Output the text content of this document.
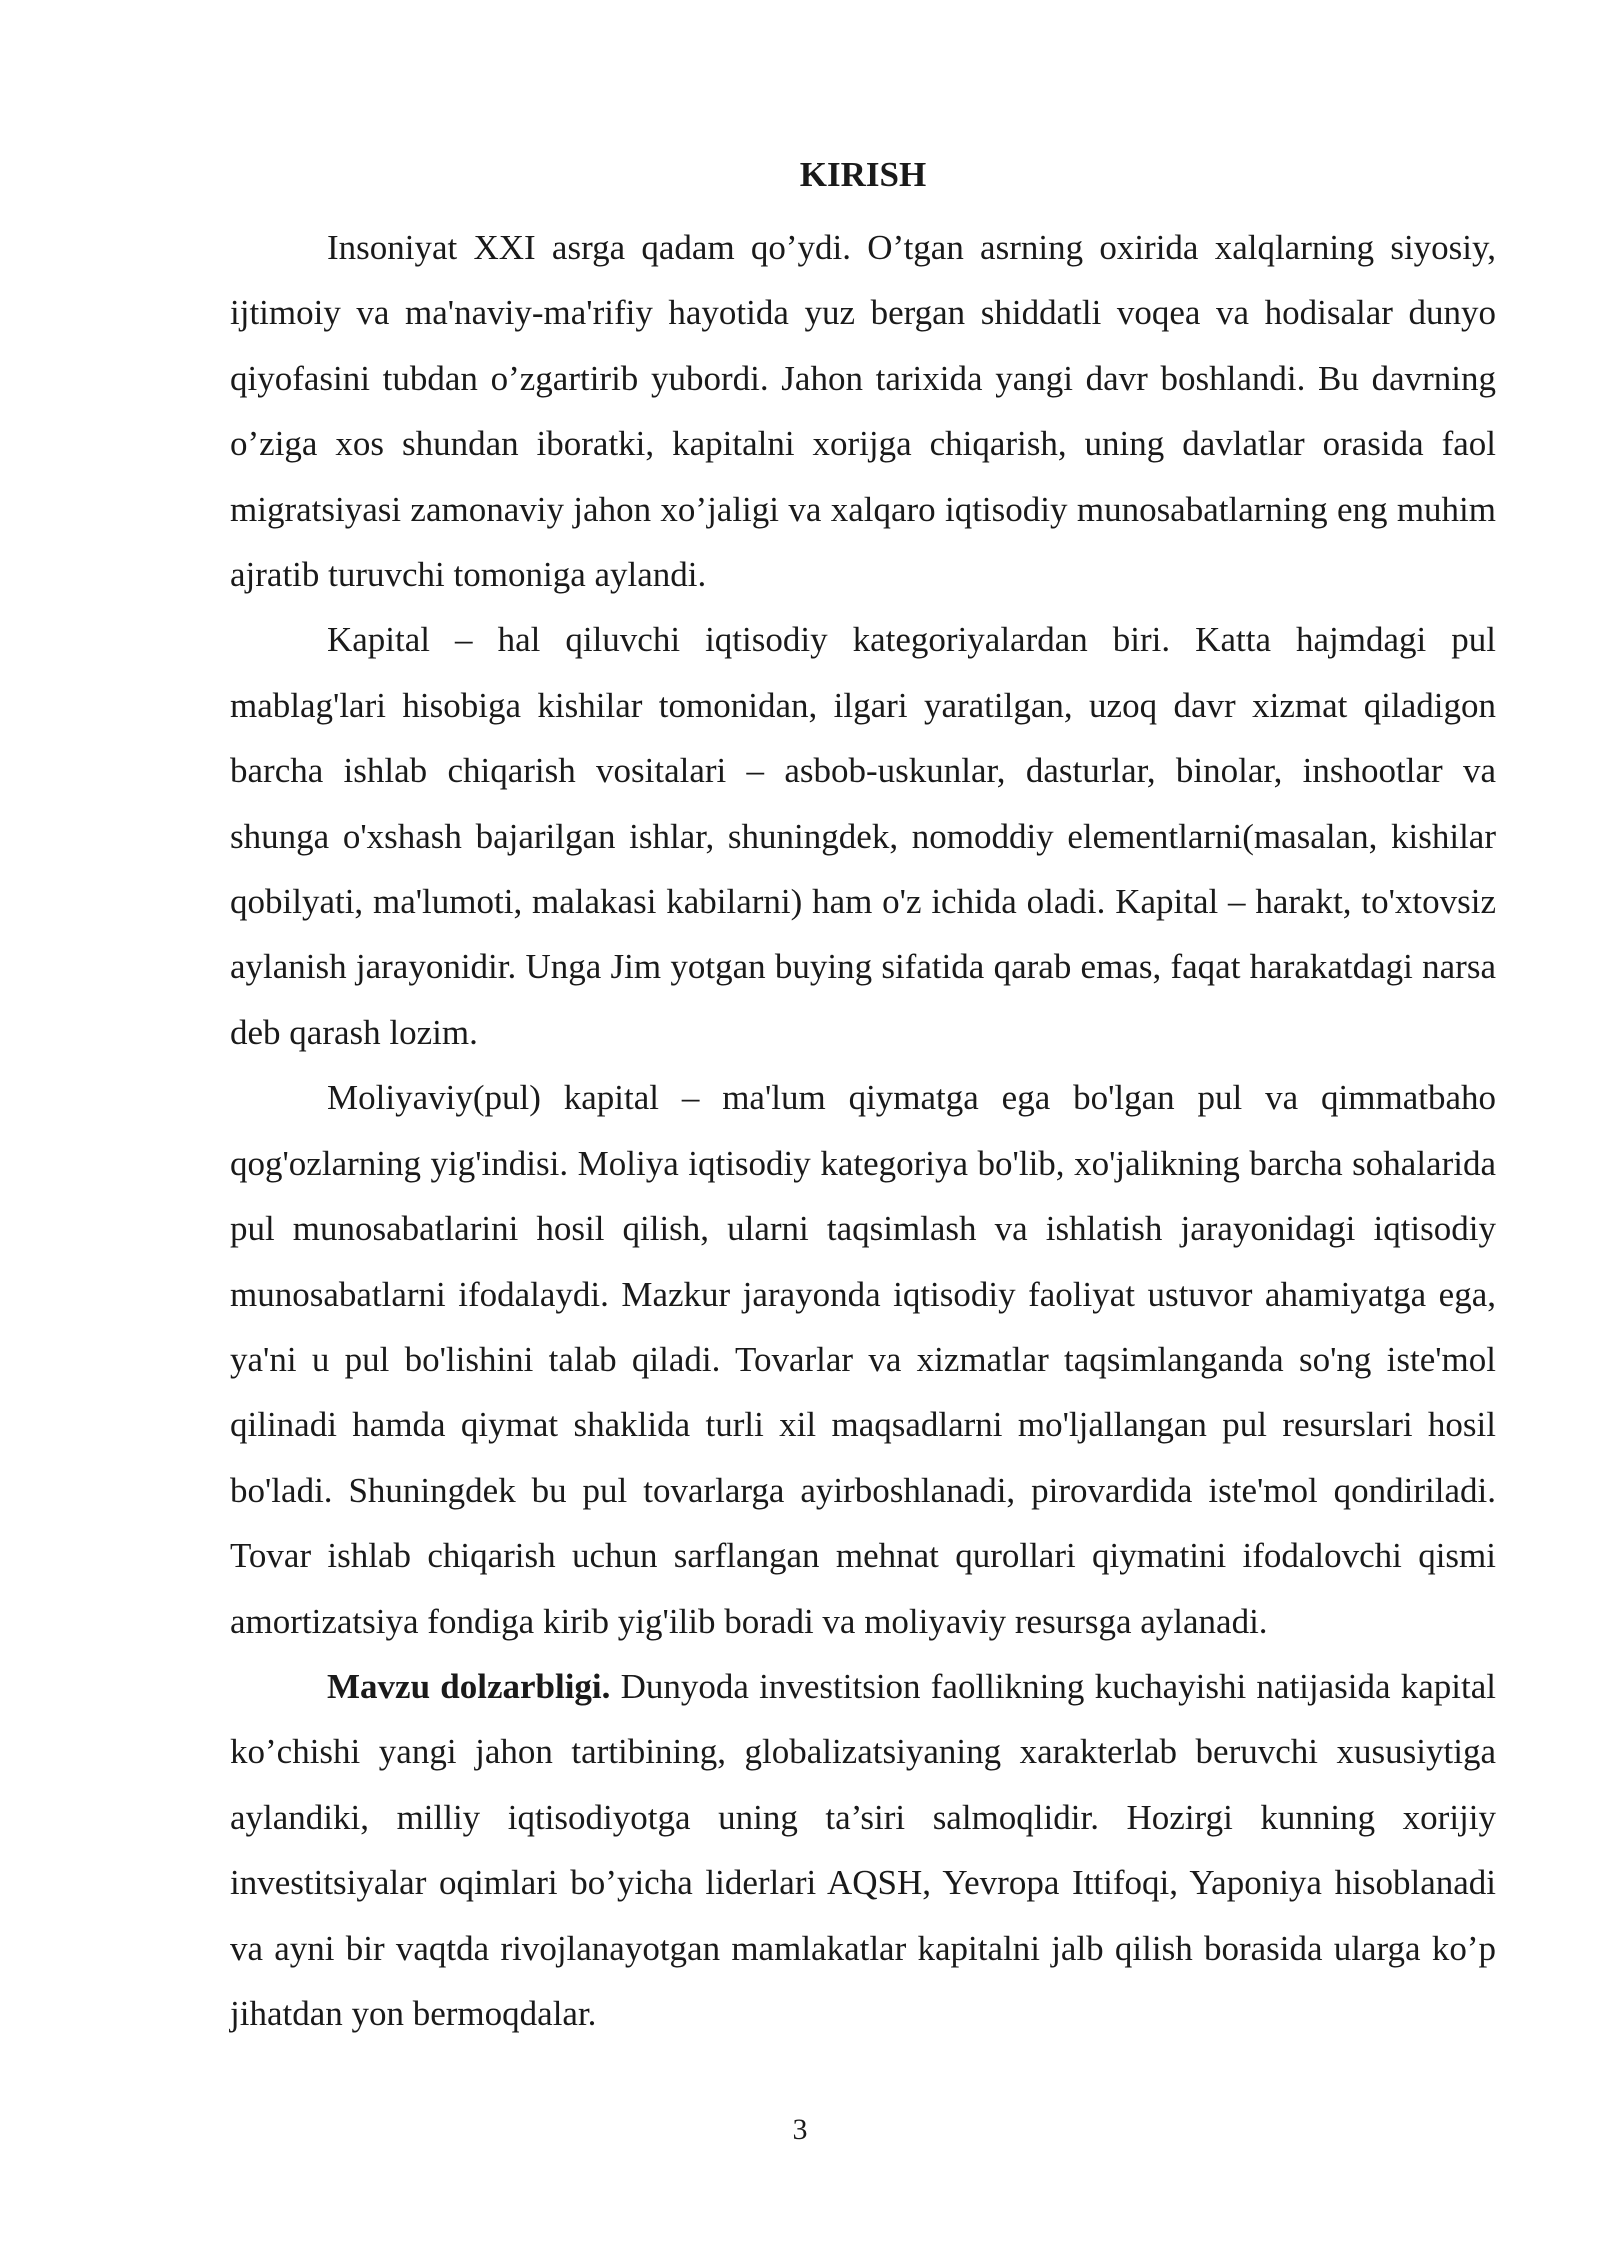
KIRISH

Insoniyat XXI asrga qadam qo’ydi. O’tgan asrning oxirida xalqlarning siyosiy, ijtimoiy va ma'naviy-ma'rifiy hayotida yuz bergan shiddatli voqea va hodisalar dunyo qiyofasini tubdan o’zgartirib yubordi. Jahon tarixida yangi davr boshlandi. Bu davrning o’ziga xos shundan iboratki, kapitalni xorijga chiqarish, uning davlatlar orasida faol migratsiyasi zamonaviy jahon xo’jaligi va xalqaro iqtisodiy munosabatlarning eng muhim ajratib turuvchi tomoniga aylandi.

Kapital – hal qiluvchi iqtisodiy kategoriyalardan biri. Katta hajmdagi pul mablag'lari hisobiga kishilar tomonidan, ilgari yaratilgan, uzoq davr xizmat qiladigon barcha ishlab chiqarish vositalari – asbob-uskunlar, dasturlar, binolar, inshootlar va shunga o'xshash bajarilgan ishlar, shuningdek, nomoddiy elementlarni(masalan, kishilar qobilyati, ma'lumoti, malakasi kabilarni) ham o'z ichida oladi. Kapital – harakt, to'xtovsiz aylanish jarayonidir. Unga Jim yotgan buying sifatida qarab emas, faqat harakatdagi narsa deb qarash lozim.

Moliyaviy(pul) kapital – ma'lum qiymatga ega bo'lgan pul va qimmatbaho qog'ozlarning yig'indisi. Moliya iqtisodiy kategoriya bo'lib, xo'jalikning barcha sohalarida pul munosabatlarini hosil qilish, ularni taqsimlash va ishlatish jarayonidagi iqtisodiy munosabatlarni ifodalaydi. Mazkur jarayonda iqtisodiy faoliyat ustuvor ahamiyatga ega, ya'ni u pul bo'lishini talab qiladi. Tovarlar va xizmatlar taqsimlanganda so'ng iste'mol qilinadi hamda qiymat shaklida turli xil maqsadlarni mo'ljallangan pul resurslari hosil bo'ladi. Shuningdek bu pul tovarlarga ayirboshlanadi, pirovardida iste'mol qondiriladi. Tovar ishlab chiqarish uchun sarflangan mehnat qurollari qiymatini ifodalovchi qismi amortizatsiya fondiga kirib yig'ilib boradi va moliyaviy resursga aylanadi.

Mavzu dolzarbligi. Dunyoda investitsion faollikning kuchayishi natijasida kapital ko’chishi yangi jahon tartibining, globalizatsiyaning xarakterlab beruvchi xususiytiga aylandiki, milliy iqtisodiyotga uning ta’siri salmoqlidir. Hozirgi kunning xorijiy investitsiyalar oqimlari bo’yicha liderlari AQSH, Yevropa Ittifoqi, Yaponiya hisoblanadi va ayni bir vaqtda rivojlanayotgan mamlakatlar kapitalni jalb qilish borasida ularga ko’p jihatdan yon bermoqdalar.

3
